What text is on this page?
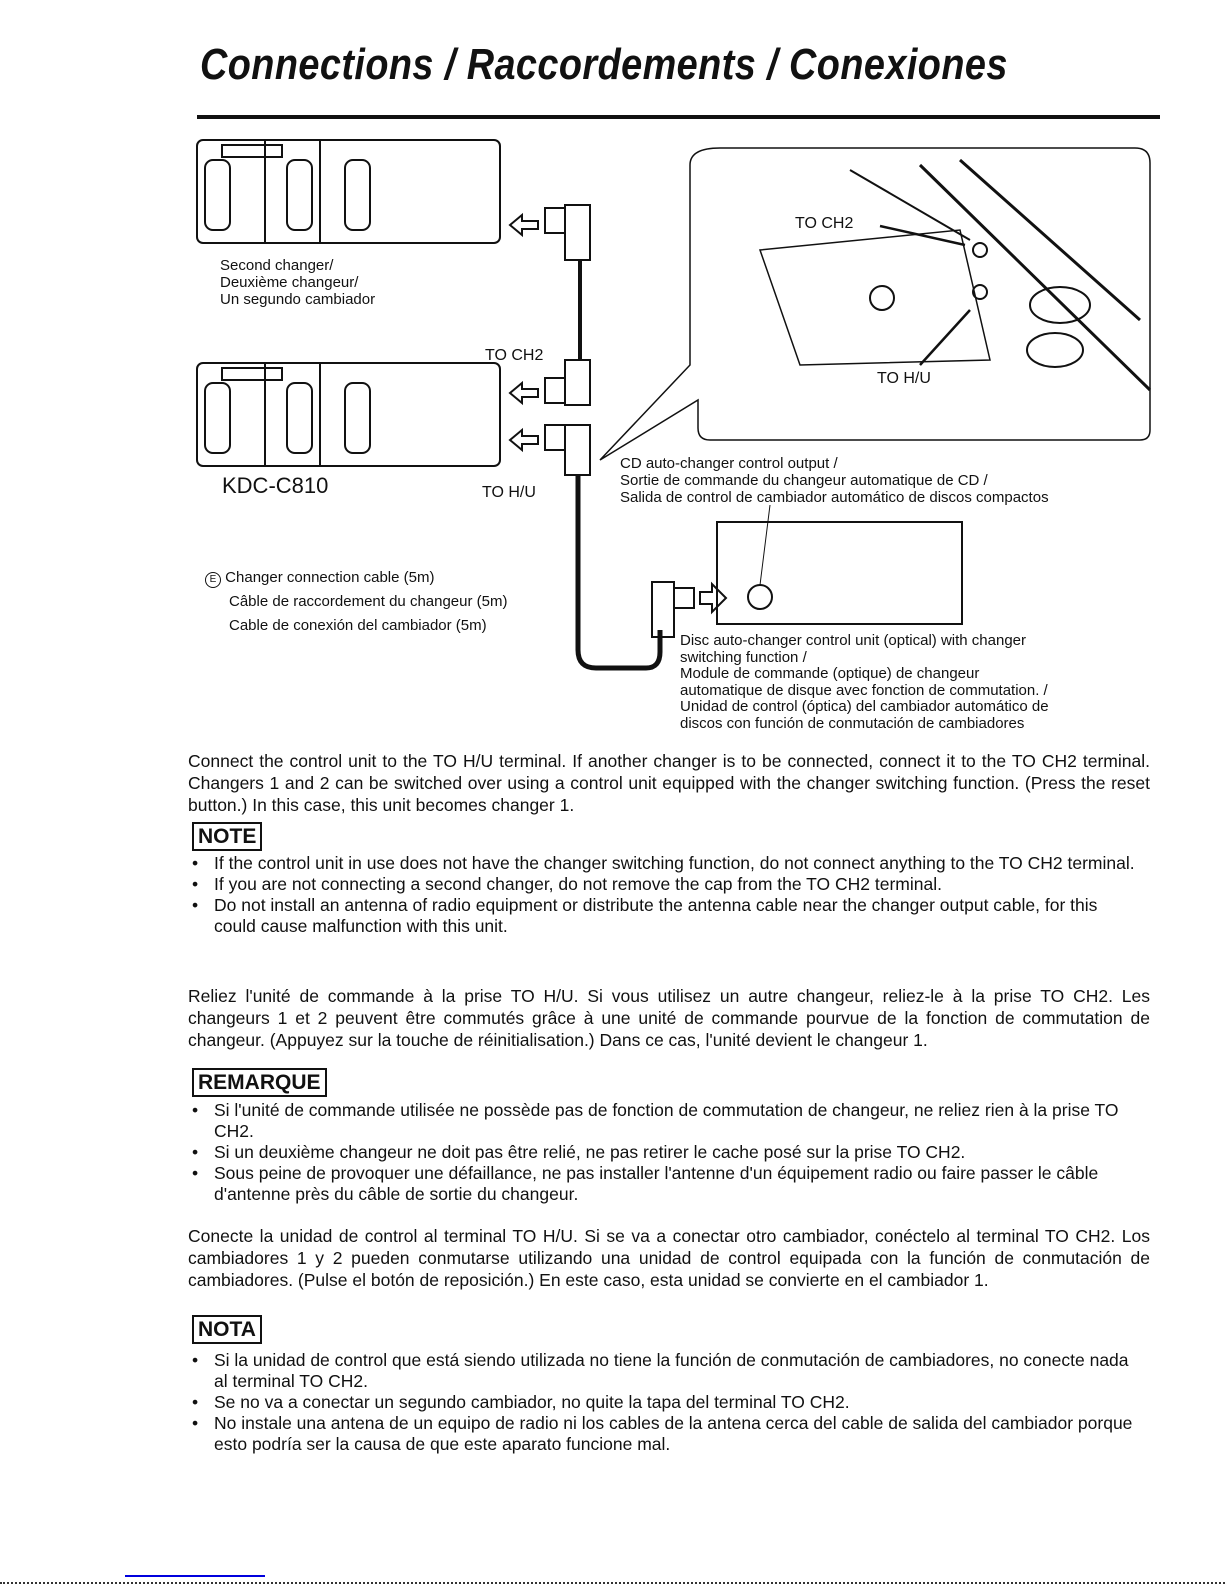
Connections / Raccordements / Conexiones
Second changer/
Deuxième changeur/
Un segundo cambiador
TO CH2
KDC-C810	TO H/U
E Changer connection cable (5m)
Câble de raccordement du changeur (5m)
Cable de conexión del cambiador (5m)
CD auto-changer control output /
Sortie de commande du changeur automatique de CD /
Salida de control de cambiador automático de discos compactos
Disc auto-changer control unit (optical) with changer
switching function /
Module de commande (optique) de changeur
automatique de disque avec fonction de commutation. /
Unidad de control (óptica) del cambiador automático de
discos con función de conmutación de cambiadores
TO CH2
TO H/U
Connect the control unit to the TO H/U terminal. If another changer is to be connected, connect it to the TO CH2 terminal. Changers 1 and 2 can be switched over using a control unit equipped with the changer switching function. (Press the reset button.) In this case, this unit becomes changer 1.
NOTE
• If the control unit in use does not have the changer switching function, do not connect anything to the TO CH2 terminal.
• If you are not connecting a second changer, do not remove the cap from the TO CH2 terminal.
• Do not install an antenna of radio equipment or distribute the antenna cable near the changer output cable, for this could cause malfunction with this unit.
Reliez l'unité de commande à la prise TO H/U. Si vous utilisez un autre changeur, reliez-le à la prise TO CH2. Les changeurs 1 et 2 peuvent être commutés grâce à une unité de commande pourvue de la fonction de commutation de changeur. (Appuyez sur la touche de réinitialisation.) Dans ce cas, l'unité devient le changeur 1.
REMARQUE
• Si l'unité de commande utilisée ne possède pas de fonction de commutation de changeur, ne reliez rien à la prise TO CH2.
• Si un deuxième changeur ne doit pas être relié, ne pas retirer le cache posé sur la prise TO CH2.
• Sous peine de provoquer une défaillance, ne pas installer l'antenne d'un équipement radio ou faire passer le câble d'antenne près du câble de sortie du changeur.
Conecte la unidad de control al terminal TO H/U. Si se va a conectar otro cambiador, conéctelo al terminal TO CH2. Los cambiadores 1 y 2 pueden conmutarse utilizando una unidad de control equipada con la función de conmutación de cambiadores. (Pulse el botón de reposición.) En este caso, esta unidad se convierte en el cambiador 1.
NOTA
• Si la unidad de control que está siendo utilizada no tiene la función de conmutación de cambiadores, no conecte nada al terminal TO CH2.
• Se no va a conectar un segundo cambiador, no quite la tapa del terminal TO CH2.
• No instale una antena de un equipo de radio ni los cables de la antena cerca del cable de salida del cambiador porque esto podría ser la causa de que este aparato funcione mal.
